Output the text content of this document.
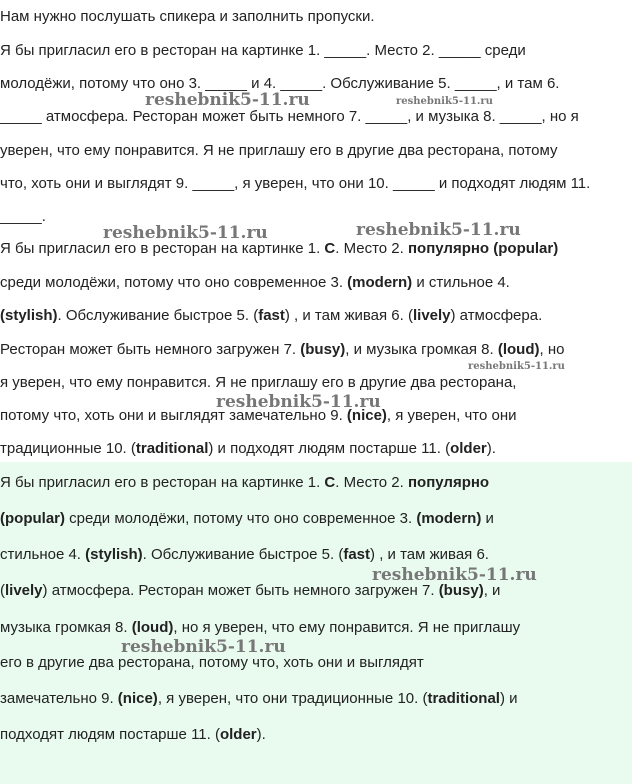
Нам нужно послушать спикера и заполнить пропуски.
Я бы пригласил его в ресторан на картинке 1. _____. Место 2. _____ среди
молодёжи, потому что оно 3. _____ и 4. _____. Обслуживание 5. _____, и там 6.
_____ атмосфера. Ресторан может быть немного 7. _____, и музыка 8. _____, но я
уверен, что ему понравится. Я не приглашу его в другие два ресторана, потому
что, хоть они и выглядят 9. _____, я уверен, что они 10. _____ и подходят людям 11.
_____.
Я бы пригласил его в ресторан на картинке 1. C. Место 2. популярно (popular)
среди молодёжи, потому что оно современное 3. (modern) и стильное 4.
(stylish). Обслуживание быстрое 5. (fast) , и там живая 6. (lively) атмосфера.
Ресторан может быть немного загружен 7. (busy), и музыка громкая 8. (loud), но
я уверен, что ему понравится. Я не приглашу его в другие два ресторана,
потому что, хоть они и выглядят замечательно 9. (nice), я уверен, что они
традиционные 10. (traditional) и подходят людям постарше 11. (older).
Я бы пригласил его в ресторан на картинке 1. C. Место 2. популярно
(popular) среди молодёжи, потому что оно современное 3. (modern) и
стильное 4. (stylish). Обслуживание быстрое 5. (fast) , и там живая 6.
(lively) атмосфера. Ресторан может быть немного загружен 7. (busy), и
музыка громкая 8. (loud), но я уверен, что ему понравится. Я не приглашу
его в другие два ресторана, потому что, хоть они и выглядят
замечательно 9. (nice), я уверен, что они традиционные 10. (traditional) и
подходят людям постарше 11. (older).
reshebnik5-11.ru	reshebnik5-11.ru
reshebnik5-11.ru	reshebnik5-11.ru
reshebnik5-11.ru
reshebnik5-11.ru
reshebnik5-11.ru
reshebnik5-11.ru
